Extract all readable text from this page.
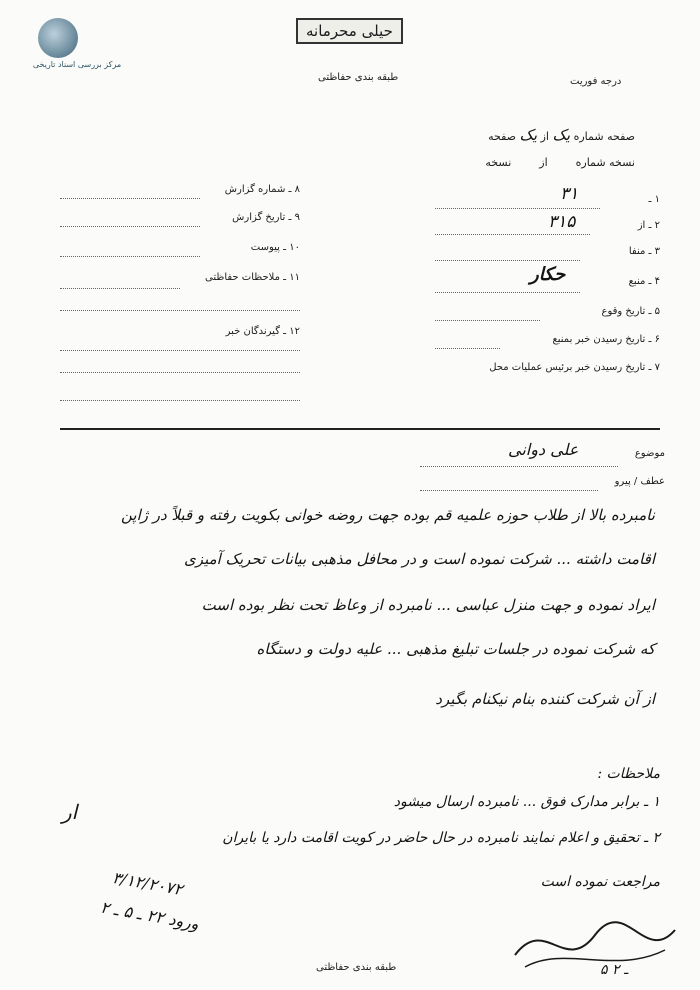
مرکز بررسی اسناد تاریخی
حیلی محرمانه
طبقه بندی حفاظتی	درجه فوریت
صفحه شماره یک از یک صفحه
نسخه شماره        از        نسخه
۸ ـ شماره گزارش
۹ ـ تاریخ گزارش
۱۰ ـ پیوست
۱۱ ـ ملاحظات حفاظتی
۱۲ ـ گیرندگان خبر
۱ ـ
۳۱
۲ ـ از
۳۱۵
۳ ـ منفا
۴ ـ منبع
حکار
۵ ـ تاریخ وقوع
۶ ـ تاریخ رسیدن خبر بمنبع
۷ ـ تاریخ رسیدن خبر برئیس عملیات محل
موضوع
علی دوانی
عطف / پیرو
نامبرده بالا از طلاب حوزه علمیه قم بوده جهت روضه خوانی بکویت رفته و قبلاً در ژاپن
اقامت داشته ... شرکت نموده است و در محافل مذهبی بیانات تحریک آمیزی
ایراد نموده و جهت منزل عباسی ... نامبرده از وعاظ تحت نظر بوده است
که شرکت نموده در جلسات تبلیغ مذهبی ... علیه دولت و دستگاه
از آن شرکت کننده بنام نیکنام بگیرد
ملاحظات :
۱ ـ برابر مدارک فوق ... نامبرده ارسال میشود
۲ ـ تحقیق و اعلام نمایند نامبرده در حال حاضر در کویت اقامت دارد یا بایران
مراجعت نموده است
ار
۳/۱۲/۲۰۷۲
ورود ۲۲ ـ ۵ ـ ۲
۵ ـ ۲
طبقه بندی حفاظتی
